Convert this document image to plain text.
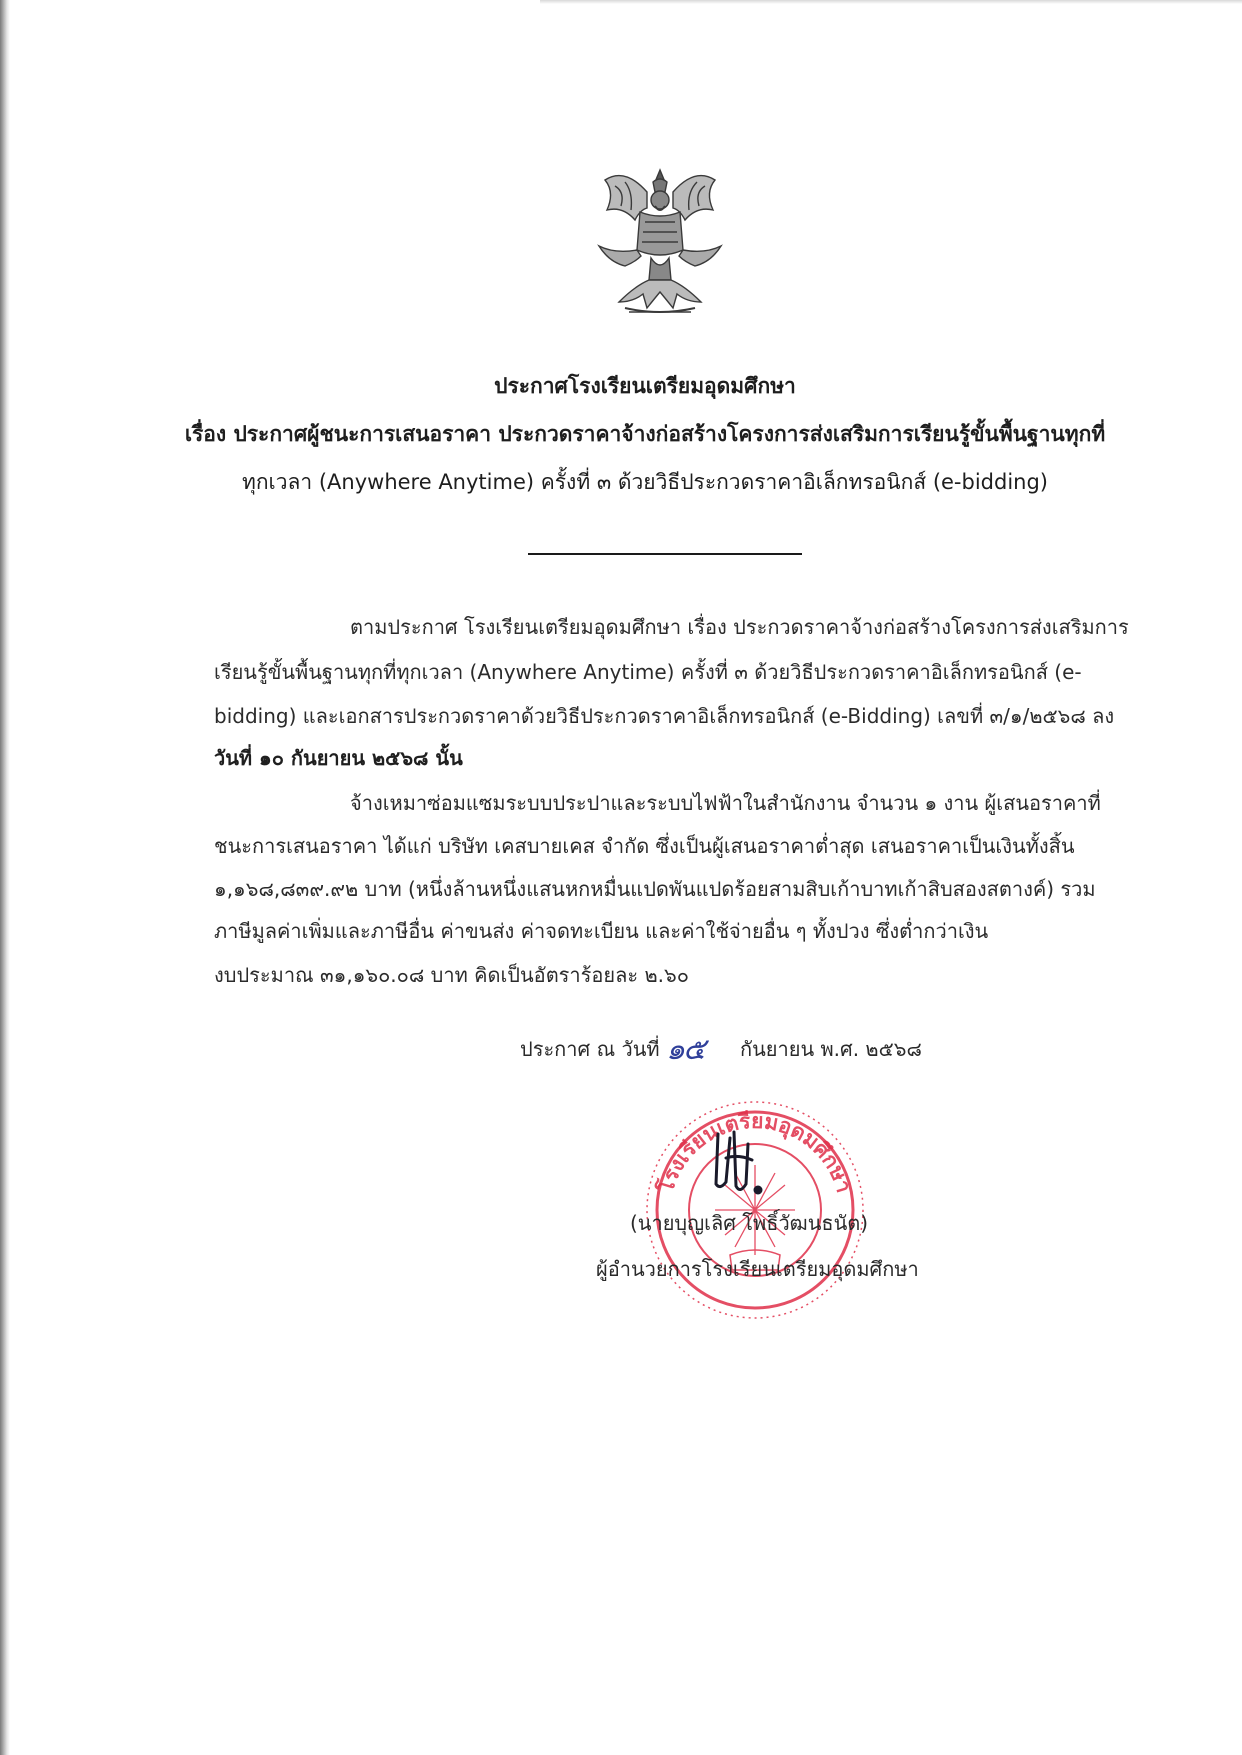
ประกาศโรงเรียนเตรียมอุดมศึกษา

เรื่อง ประกาศผู้ชนะการเสนอราคา ประกวดราคาจ้างก่อสร้างโครงการส่งเสริมการเรียนรู้ขั้นพื้นฐานทุกที่

ทุกเวลา (Anywhere Anytime) ครั้งที่ ๓ ด้วยวิธีประกวดราคาอิเล็กทรอนิกส์ (e-bidding)

ตามประกาศ โรงเรียนเตรียมอุดมศึกษา เรื่อง ประกวดราคาจ้างก่อสร้างโครงการส่งเสริมการ
เรียนรู้ขั้นพื้นฐานทุกที่ทุกเวลา (Anywhere Anytime) ครั้งที่ ๓ ด้วยวิธีประกวดราคาอิเล็กทรอนิกส์ (e-
bidding) และเอกสารประกวดราคาด้วยวิธีประกวดราคาอิเล็กทรอนิกส์ (e-Bidding) เลขที่ ๓/๑/๒๕๖๘ ลง
วันที่ ๑๐ กันยายน ๒๕๖๘ นั้น
จ้างเหมาซ่อมแซมระบบประปาและระบบไฟฟ้าในสำนักงาน จำนวน ๑ งาน ผู้เสนอราคาที่
ชนะการเสนอราคา ได้แก่ บริษัท เคสบายเคส จำกัด ซึ่งเป็นผู้เสนอราคาต่ำสุด เสนอราคาเป็นเงินทั้งสิ้น
๑,๑๖๘,๘๓๙.๙๒ บาท (หนึ่งล้านหนึ่งแสนหกหมื่นแปดพันแปดร้อยสามสิบเก้าบาทเก้าสิบสองสตางค์) รวม
ภาษีมูลค่าเพิ่มและภาษีอื่น ค่าขนส่ง ค่าจดทะเบียน และค่าใช้จ่ายอื่น ๆ ทั้งปวง ซึ่งต่ำกว่าเงิน
งบประมาณ ๓๑,๑๖๐.๐๘ บาท คิดเป็นอัตราร้อยละ ๒.๖๐
ประกาศ ณ วันที่ ๑๕ กันยายน พ.ศ. ๒๕๖๘
โรงเรียนเตรียมอุดมศึกษา
(นายบุญเลิศ โพธิ์วัฒนธนัต)
ผู้อำนวยการโรงเรียนเตรียมอุดมศึกษา
